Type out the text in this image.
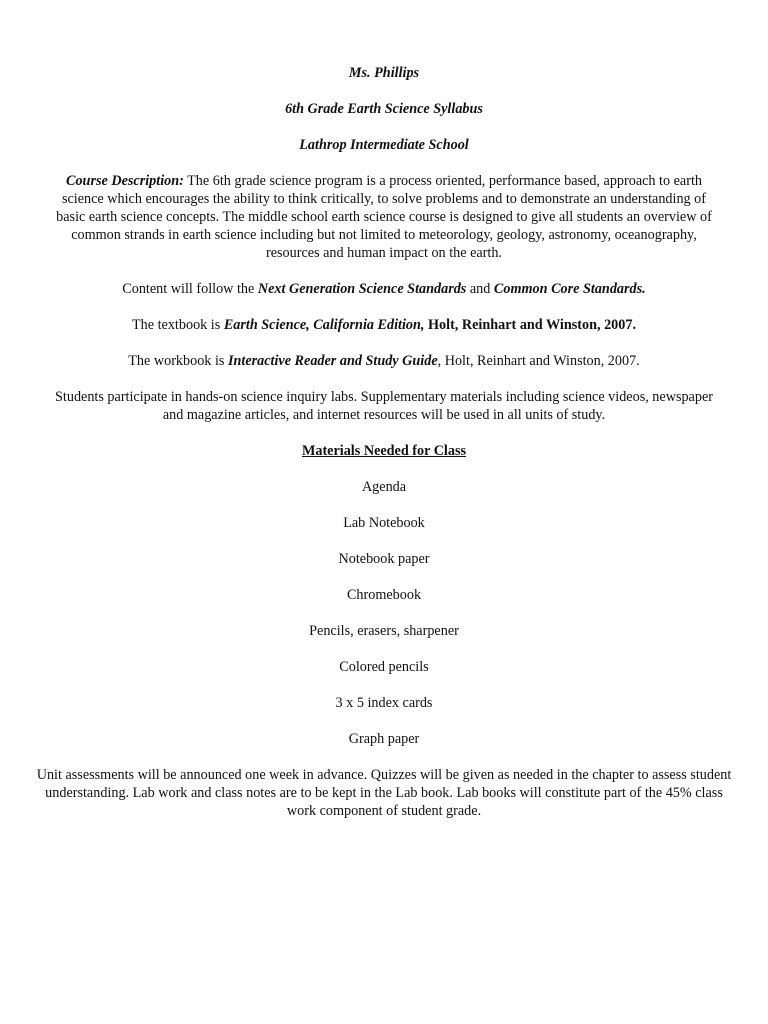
Ms. Phillips

6th Grade Earth Science Syllabus

Lathrop Intermediate School

Course Description: The 6th grade science program is a process oriented, performance based, approach to earth science which encourages the ability to think critically, to solve problems and to demonstrate an understanding of basic earth science concepts. The middle school earth science course is designed to give all students an overview of common strands in earth science including but not limited to meteorology, geology, astronomy, oceanography, resources and human impact on the earth.

Content will follow the Next Generation Science Standards and Common Core Standards.

The textbook is Earth Science, California Edition, Holt, Reinhart and Winston, 2007.

The workbook is Interactive Reader and Study Guide, Holt, Reinhart and Winston, 2007.

Students participate in hands-on science inquiry labs. Supplementary materials including science videos, newspaper and magazine articles, and internet resources will be used in all units of study.

Materials Needed for Class

Agenda

Lab Notebook

Notebook paper

Chromebook

Pencils, erasers, sharpener

Colored pencils

3 x 5 index cards

Graph paper

Unit assessments will be announced one week in advance. Quizzes will be given as needed in the chapter to assess student understanding. Lab work and class notes are to be kept in the Lab book. Lab books will constitute part of the 45% class work component of student grade.
